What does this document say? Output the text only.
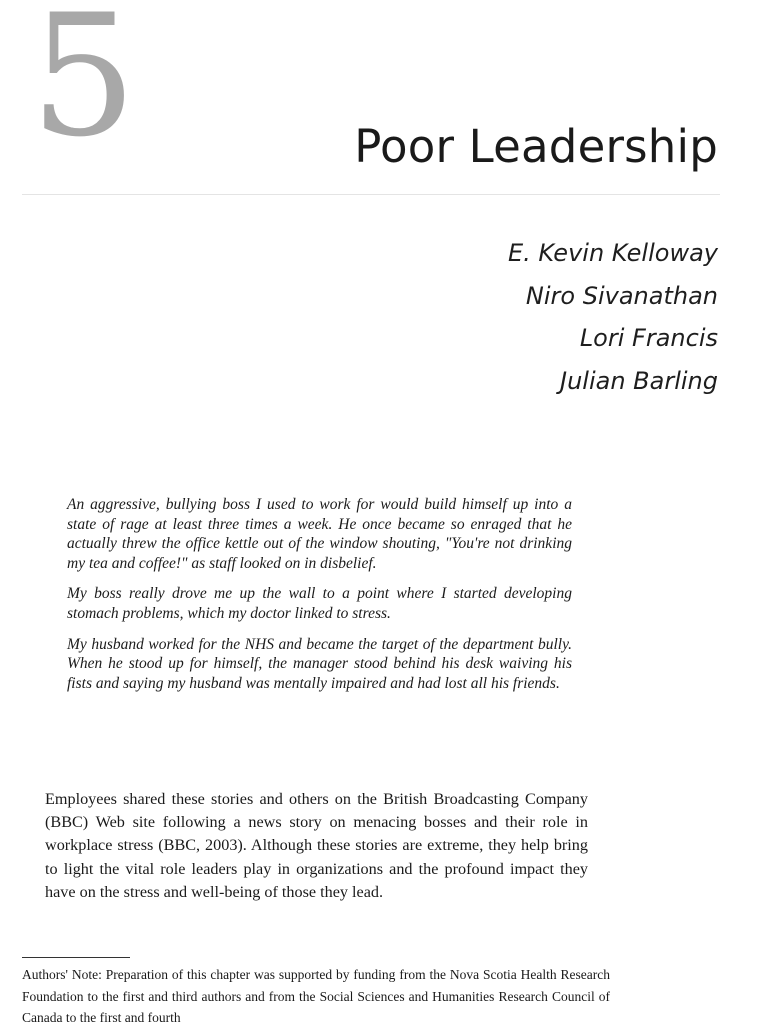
5	Poor Leadership
E. Kevin Kelloway
Niro Sivanathan
Lori Francis
Julian Barling

An aggressive, bullying boss I used to work for would build himself up into a state of rage at least three times a week. He once became so enraged that he actually threw the office kettle out of the window shouting, "You're not drinking my tea and coffee!" as staff looked on in disbelief.

My boss really drove me up the wall to a point where I started developing stomach problems, which my doctor linked to stress.

My husband worked for the NHS and became the target of the department bully. When he stood up for himself, the manager stood behind his desk waiving his fists and saying my husband was mentally impaired and had lost all his friends.

Employees shared these stories and others on the British Broadcasting Company (BBC) Web site following a news story on menacing bosses and their role in workplace stress (BBC, 2003). Although these stories are extreme, they help bring to light the vital role leaders play in organizations and the profound impact they have on the stress and well-being of those they lead.

Authors' Note: Preparation of this chapter was supported by funding from the Nova Scotia Health Research Foundation to the first and third authors and from the Social Sciences and Humanities Research Council of Canada to the first and fourth
